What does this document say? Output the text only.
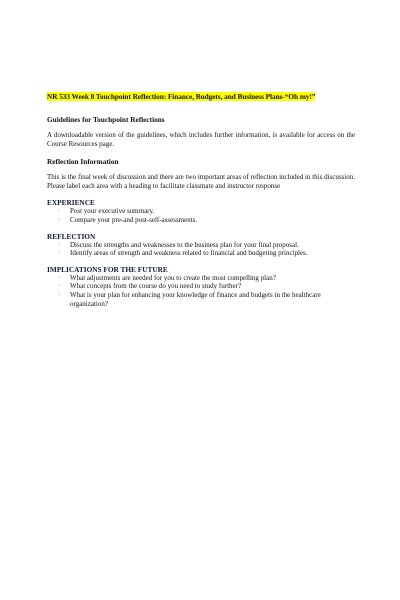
NR 533 Week 8 Touchpoint Reflection: Finance, Budgets, and Business Plans-“Oh my!”
Guidelines for Touchpoint Reflections
A downloadable version of the guidelines, which includes further information, is available for access on the Course Resources page.
Reflection Information
This is the final week of discussion and there are two important areas of reflection included in this discussion. Please label each area with a heading to facilitate classmate and instructor response
EXPERIENCE
· Post your executive summary.
· Compare your pre-and post-self-assessments.
REFLECTION
· Discuss the strengths and weaknesses to the business plan for your final proposal.
· Identify areas of strength and weakness related to financial and budgeting principles.
IMPLICATIONS FOR THE FUTURE
· What adjustments are needed for you to create the most compelling plan?
· What concepts from the course do you need to study further?
· What is your plan for enhancing your knowledge of finance and budgets in the healthcare organization?
